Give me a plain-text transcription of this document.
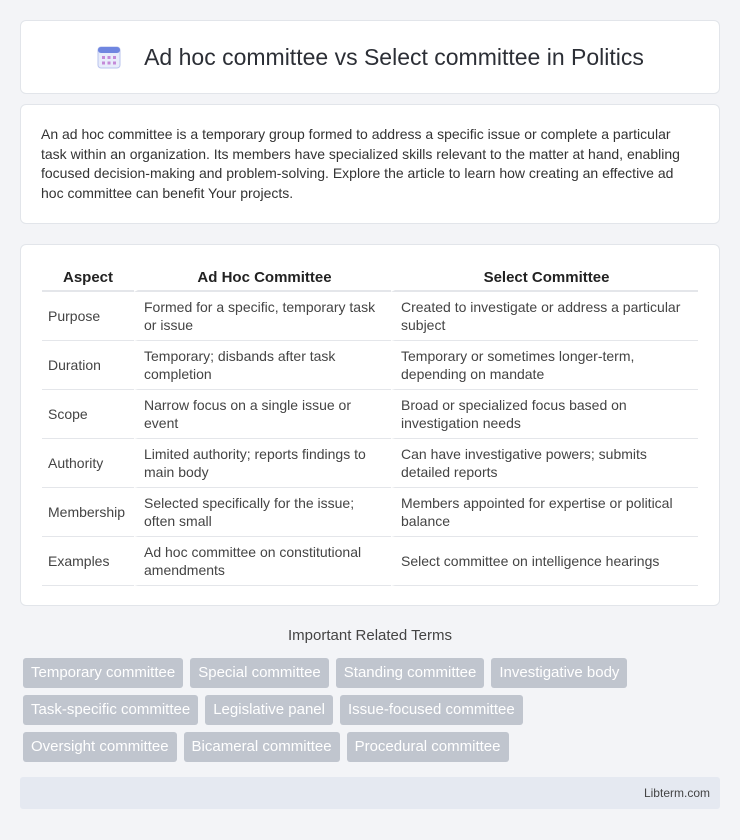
Ad hoc committee vs Select committee in Politics

An ad hoc committee is a temporary group formed to address a specific issue or complete a particular task within an organization. Its members have specialized skills relevant to the matter at hand, enabling focused decision-making and problem-solving. Explore the article to learn how creating an effective ad hoc committee can benefit Your projects.

Aspect	Ad Hoc Committee	Select Committee
Purpose	Formed for a specific, temporary task or issue	Created to investigate or address a particular subject
Duration	Temporary; disbands after task completion	Temporary or sometimes longer-term, depending on mandate
Scope	Narrow focus on a single issue or event	Broad or specialized focus based on investigation needs
Authority	Limited authority; reports findings to main body	Can have investigative powers; submits detailed reports
Membership	Selected specifically for the issue; often small	Members appointed for expertise or political balance
Examples	Ad hoc committee on constitutional amendments	Select committee on intelligence hearings
Important Related Terms
Temporary committee	Special committee	Standing committee	Investigative body
Task-specific committee	Legislative panel	Issue-focused committee
Oversight committee	Bicameral committee	Procedural committee
Libterm.com
